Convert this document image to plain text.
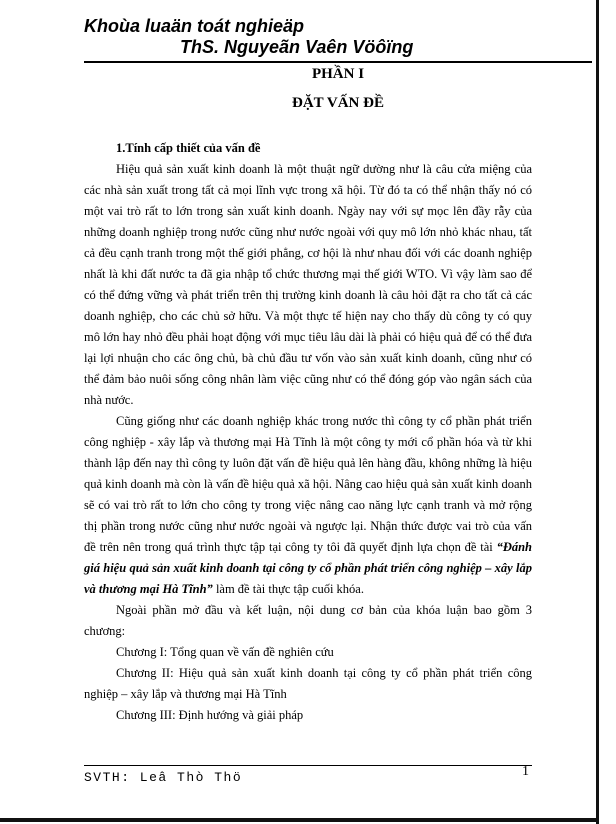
Khoùa luaän toát nghieäp
ThS. Nguyeãn Vaên Vöôïng
PHẦN I
ĐẶT VẤN ĐỀ
1.Tính cấp thiết của vấn đề

Hiệu quả sản xuất kinh doanh là một thuật ngữ dường như là câu cửa miệng của các nhà sản xuất trong tất cả mọi lĩnh vực trong xã hội. Từ đó ta có thể nhận thấy nó có một vai trò rất to lớn trong sản xuất kinh doanh. Ngày nay với sự mọc lên đầy rẫy của những doanh nghiệp trong nước cũng như nước ngoài với quy mô lớn nhỏ khác nhau, tất cả đều cạnh tranh trong một thế giới phẳng, cơ hội là như nhau đối với các doanh nghiệp nhất là khi đất nước ta đã gia nhập tổ chức thương mại thế giới WTO. Vì vậy làm sao để có thể đứng vững và phát triển trên thị trường kinh doanh là câu hỏi đặt ra cho tất cả các doanh nghiệp, cho các chủ sở hữu. Và một thực tế hiện nay cho thấy dù công ty có quy mô lớn hay nhỏ đều phải hoạt động với mục tiêu lâu dài là phải có hiệu quả để có thể đưa lại lợi nhuận cho các ông chủ, bà chủ đầu tư vốn vào sản xuất kinh doanh, cũng như có thể đảm bảo nuôi sống công nhân làm việc cũng như có thể đóng góp vào ngân sách của nhà nước.

Cũng giống như các doanh nghiệp khác trong nước thì công ty cổ phần phát triển công nghiệp - xây lắp và thương mại Hà Tĩnh là một công ty mới cổ phần hóa và từ khi thành lập đến nay thì công ty luôn đặt vấn đề hiệu quả lên hàng đầu, không những là hiệu quả kinh doanh mà còn là vấn đề hiệu quả xã hội. Nâng cao hiệu quả sản xuất kinh doanh sẽ có vai trò rất to lớn cho công ty trong việc nâng cao năng lực cạnh tranh và mở rộng thị phần trong nước cũng như nước ngoài và ngược lại. Nhận thức được vai trò của vấn đề trên nên trong quá trình thực tập tại công ty tôi đã quyết định lựa chọn đề tài “Đánh giá hiệu quả sản xuất kinh doanh tại công ty cổ phần phát triển công nghiệp – xây lắp và thương mại Hà Tĩnh” làm đề tài thực tập cuối khóa.

Ngoài phần mở đầu và kết luận, nội dung cơ bản của khóa luận bao gồm 3 chương:

Chương I: Tổng quan về vấn đề nghiên cứu

Chương II: Hiệu quả sản xuất kinh doanh tại công ty cổ phần phát triển công nghiệp – xây lắp và thương mại Hà Tĩnh

Chương III: Định hướng và giải pháp

SVTH: Leâ Thò Thö	1
